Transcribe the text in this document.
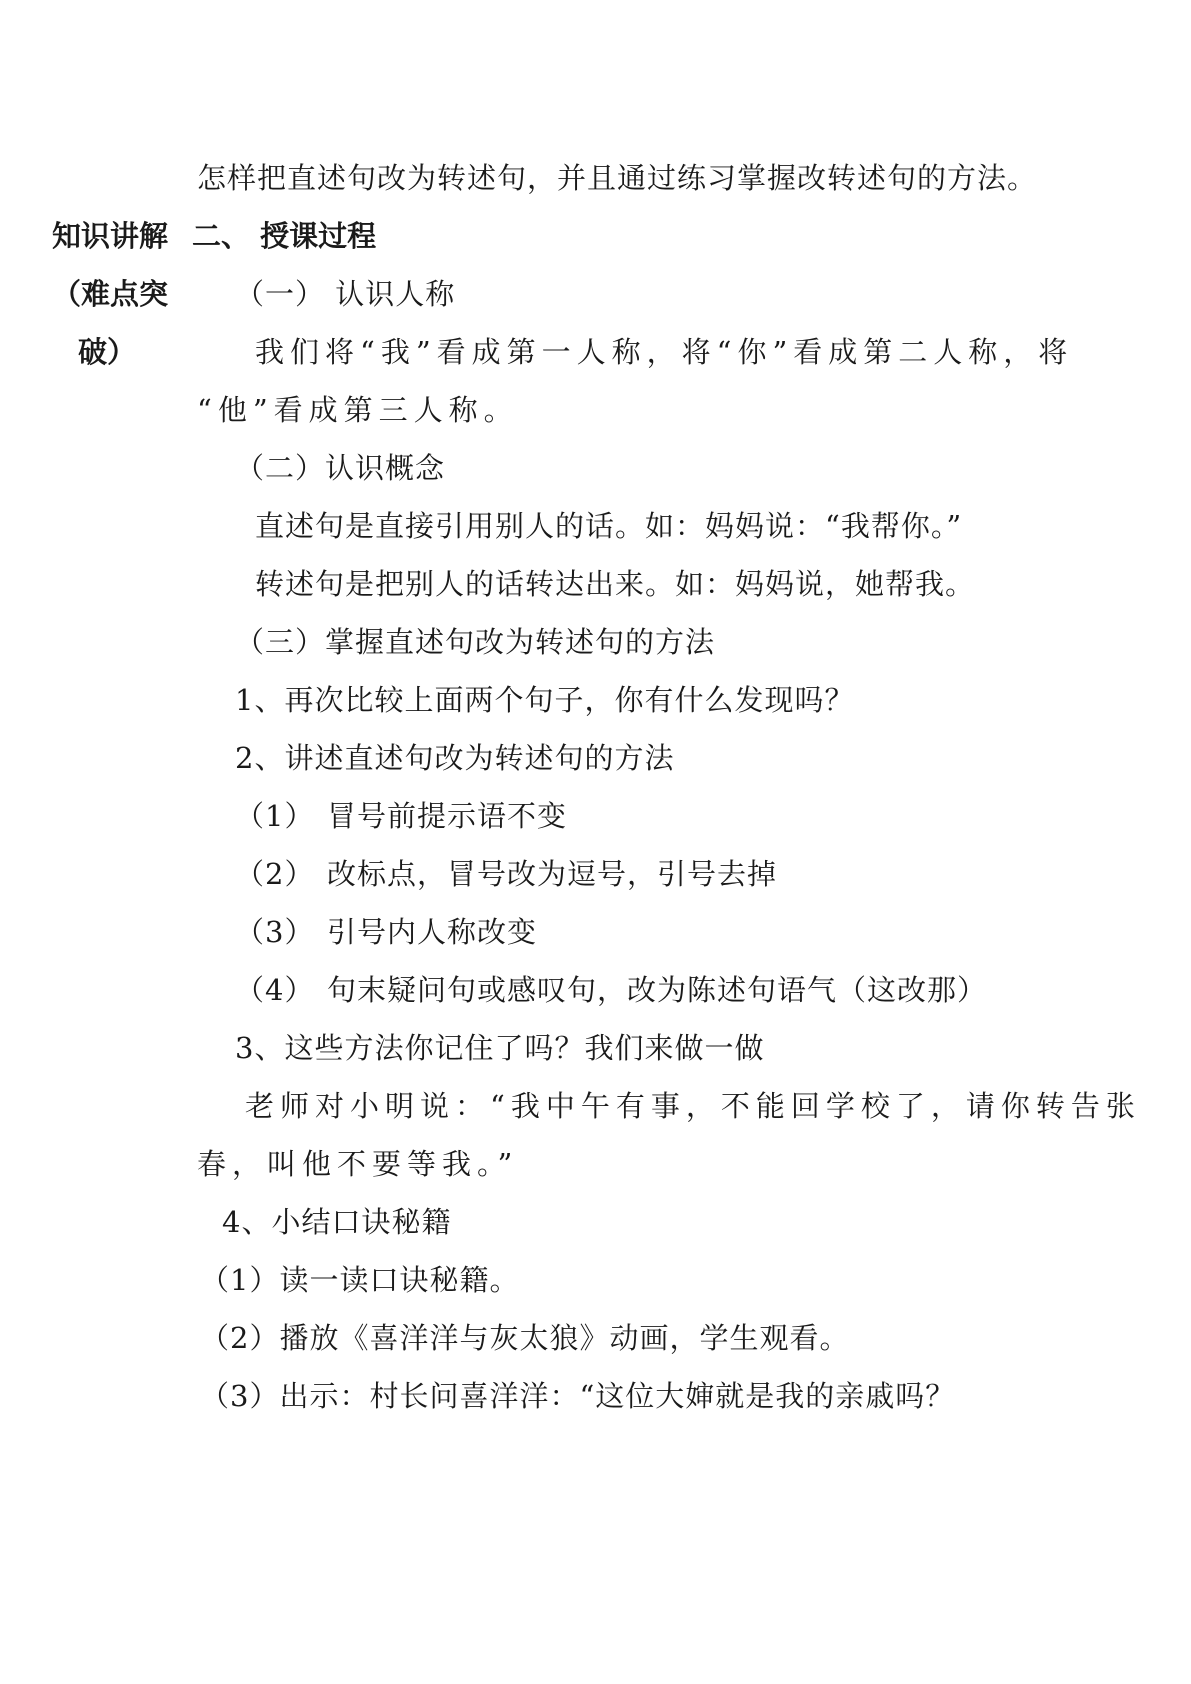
怎样把直述句改为转述句，并且通过练习掌握改转述句的方法。
知识讲解
（难点突
破）
二、 授课过程
（一） 认识人称
我们将“我”看成第一人称，将“你”看成第二人称，将
“他”看成第三人称。
（二）认识概念
直述句是直接引用别人的话。如：妈妈说：“我帮你。”
转述句是把别人的话转达出来。如：妈妈说，她帮我。
（三）掌握直述句改为转述句的方法
1、再次比较上面两个句子，你有什么发现吗？
2、讲述直述句改为转述句的方法
（1） 冒号前提示语不变
（2） 改标点，冒号改为逗号，引号去掉
（3） 引号内人称改变
（4） 句末疑问句或感叹句，改为陈述句语气（这改那）
3、这些方法你记住了吗？我们来做一做
老师对小明说：“我中午有事，不能回学校了，请你转告张
春，叫他不要等我。”
4、小结口诀秘籍
（1）读一读口诀秘籍。
（2）播放《喜洋洋与灰太狼》动画，学生观看。
（3）出示：村长问喜洋洋：“这位大婶就是我的亲戚吗？
